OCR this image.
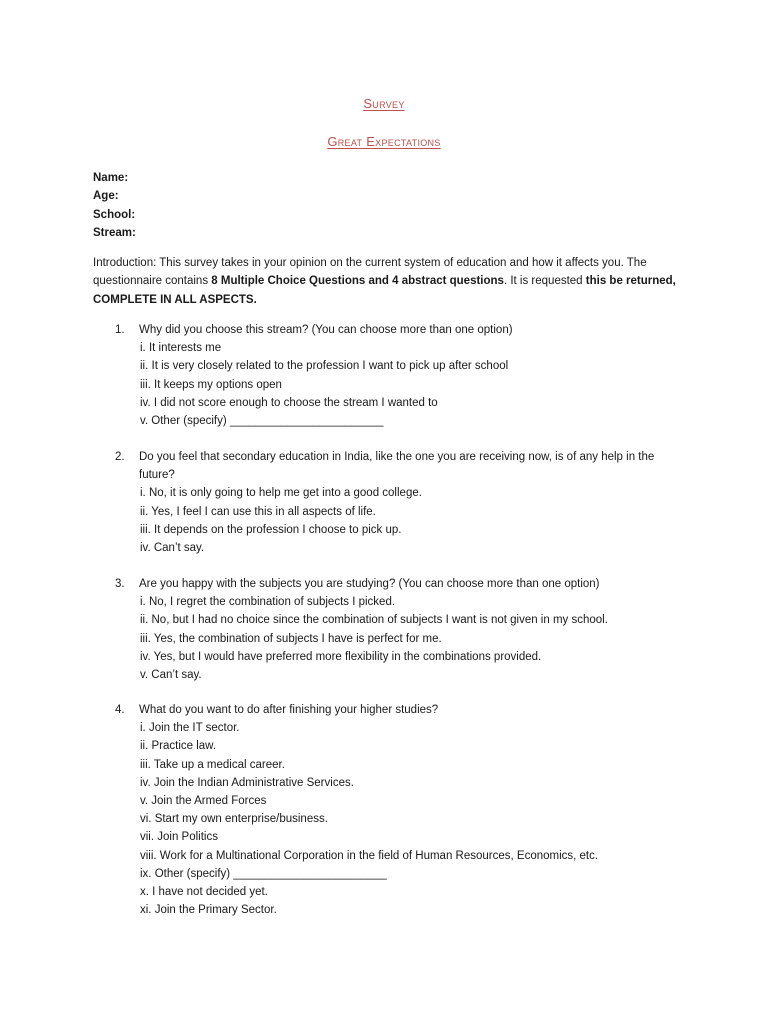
Survey
Great Expectations
Name:
Age:
School:
Stream:
Introduction: This survey takes in your opinion on the current system of education and how it affects you. The questionnaire contains 8 Multiple Choice Questions and 4 abstract questions. It is requested this be returned, COMPLETE IN ALL ASPECTS.
1.	Why did you choose this stream? (You can choose more than one option)
i. It interests me
ii. It is very closely related to the profession I want to pick up after school
iii. It keeps my options open
iv. I did not score enough to choose the stream I wanted to
v. Other (specify) ________________________
2.	Do you feel that secondary education in India, like the one you are receiving now, is of any help in the future?
i. No, it is only going to help me get into a good college.
ii. Yes, I feel I can use this in all aspects of life.
iii. It depends on the profession I choose to pick up.
iv. Can’t say.
3.	Are you happy with the subjects you are studying? (You can choose more than one option)
i. No, I regret the combination of subjects I picked.
ii. No, but I had no choice since the combination of subjects I want is not given in my school.
iii. Yes, the combination of subjects I have is perfect for me.
iv. Yes, but I would have preferred more flexibility in the combinations provided.
v. Can’t say.
4.	What do you want to do after finishing your higher studies?
i. Join the IT sector.
ii. Practice law.
iii. Take up a medical career.
iv. Join the Indian Administrative Services.
v. Join the Armed Forces
vi. Start my own enterprise/business.
vii. Join Politics
viii. Work for a Multinational Corporation in the field of Human Resources, Economics, etc.
ix. Other (specify) ________________________
x. I have not decided yet.
xi. Join the Primary Sector.
